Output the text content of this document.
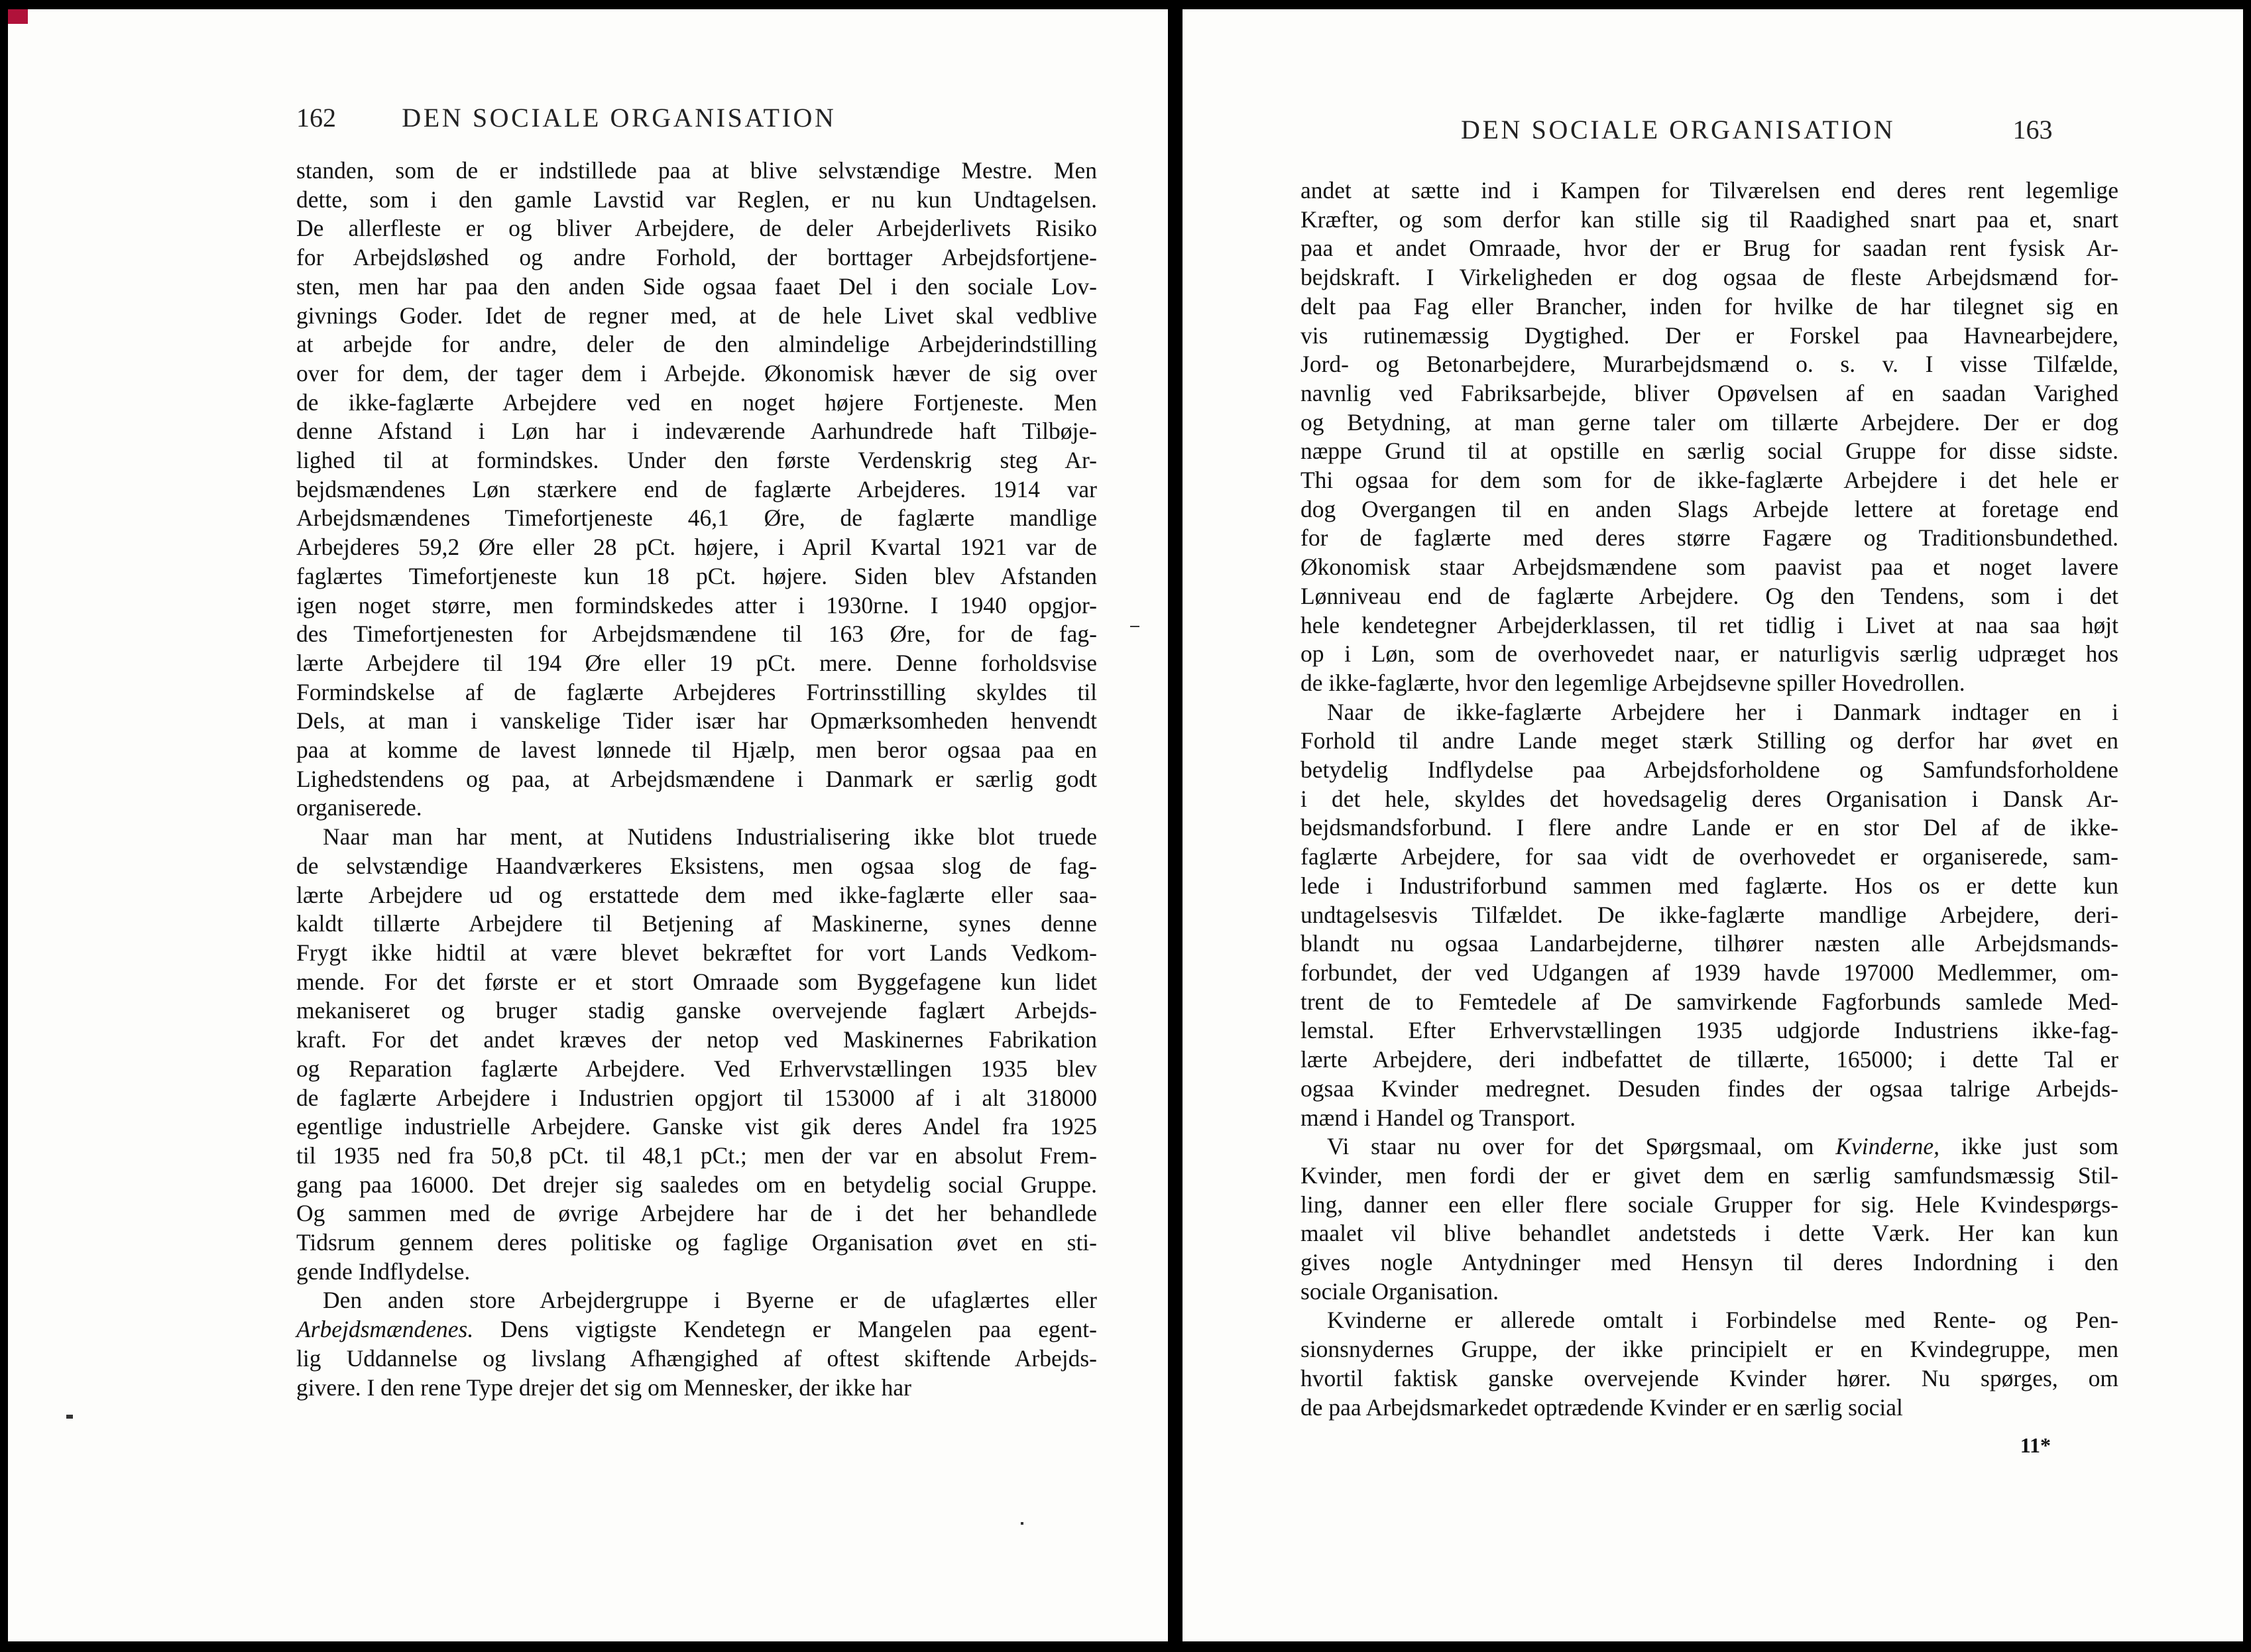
162 DEN SOCIALE ORGANISATION

standen, som de er indstillede paa at blive selvstændige Mestre. Men

dette, som i den gamle Lavstid var Reglen, er nu kun Undtagelsen.

De allerfleste er og bliver Arbejdere, de deler Arbejderlivets Risiko

for Arbejdsløshed og andre Forhold, der borttager Arbejdsfortjene-

sten, men har paa den anden Side ogsaa faaet Del i den sociale Lov-

givnings Goder. Idet de regner med, at de hele Livet skal vedblive

at arbejde for andre, deler de den almindelige Arbejderindstilling

over for dem, der tager dem i Arbejde. Økonomisk hæver de sig over

de ikke-faglærte Arbejdere ved en noget højere Fortjeneste. Men

denne Afstand i Løn har i indeværende Aarhundrede haft Tilbøje-

lighed til at formindskes. Under den første Verdenskrig steg Ar-

bejdsmændenes Løn stærkere end de faglærte Arbejderes. 1914 var

Arbejdsmændenes Timefortjeneste 46,1 Øre, de faglærte mandlige

Arbejderes 59,2 Øre eller 28 pCt. højere, i April Kvartal 1921 var de

faglærtes Timefortjeneste kun 18 pCt. højere. Siden blev Afstanden

igen noget større, men formindskedes atter i 1930rne. I 1940 opgjor-

des Timefortjenesten for Arbejdsmændene til 163 Øre, for de fag-

lærte Arbejdere til 194 Øre eller 19 pCt. mere. Denne forholdsvise

Formindskelse af de faglærte Arbejderes Fortrinsstilling skyldes til

Dels, at man i vanskelige Tider især har Opmærksomheden henvendt

paa at komme de lavest lønnede til Hjælp, men beror ogsaa paa en

Lighedstendens og paa, at Arbejdsmændene i Danmark er særlig godt

organiserede.

Naar man har ment, at Nutidens Industrialisering ikke blot truede

de selvstændige Haandværkeres Eksistens, men ogsaa slog de fag-

lærte Arbejdere ud og erstattede dem med ikke-faglærte eller saa-

kaldt tillærte Arbejdere til Betjening af Maskinerne, synes denne

Frygt ikke hidtil at være blevet bekræftet for vort Lands Vedkom-

mende. For det første er et stort Omraade som Byggefagene kun lidet

mekaniseret og bruger stadig ganske overvejende faglært Arbejds-

kraft. For det andet kræves der netop ved Maskinernes Fabrikation

og Reparation faglærte Arbejdere. Ved Erhvervstællingen 1935 blev

de faglærte Arbejdere i Industrien opgjort til 153000 af i alt 318000

egentlige industrielle Arbejdere. Ganske vist gik deres Andel fra 1925

til 1935 ned fra 50,8 pCt. til 48,1 pCt.; men der var en absolut Frem-

gang paa 16000. Det drejer sig saaledes om en betydelig social Gruppe.

Og sammen med de øvrige Arbejdere har de i det her behandlede

Tidsrum gennem deres politiske og faglige Organisation øvet en sti-

gende Indflydelse.

Den anden store Arbejdergruppe i Byerne er de ufaglærtes eller

Arbejdsmændenes. Dens vigtigste Kendetegn er Mangelen paa egent-

lig Uddannelse og livslang Afhængighed af oftest skiftende Arbejds-

givere. I den rene Type drejer det sig om Mennesker, der ikke har

DEN SOCIALE ORGANISATION	163

andet at sætte ind i Kampen for Tilværelsen end deres rent legemlige

Kræfter, og som derfor kan stille sig til Raadighed snart paa et, snart

paa et andet Omraade, hvor der er Brug for saadan rent fysisk Ar-

bejdskraft. I Virkeligheden er dog ogsaa de fleste Arbejdsmænd for-

delt paa Fag eller Brancher, inden for hvilke de har tilegnet sig en

vis rutinemæssig Dygtighed. Der er Forskel paa Havnearbejdere,

Jord- og Betonarbejdere, Murarbejdsmænd o. s. v. I visse Tilfælde,

navnlig ved Fabriksarbejde, bliver Opøvelsen af en saadan Varighed

og Betydning, at man gerne taler om tillærte Arbejdere. Der er dog

næppe Grund til at opstille en særlig social Gruppe for disse sidste.

Thi ogsaa for dem som for de ikke-faglærte Arbejdere i det hele er

dog Overgangen til en anden Slags Arbejde lettere at foretage end

for de faglærte med deres større Fagære og Traditionsbundethed.

Økonomisk staar Arbejdsmændene som paavist paa et noget lavere

Lønniveau end de faglærte Arbejdere. Og den Tendens, som i det

hele kendetegner Arbejderklassen, til ret tidlig i Livet at naa saa højt

op i Løn, som de overhovedet naar, er naturligvis særlig udpræget hos

de ikke-faglærte, hvor den legemlige Arbejdsevne spiller Hovedrollen.

Naar de ikke-faglærte Arbejdere her i Danmark indtager en i

Forhold til andre Lande meget stærk Stilling og derfor har øvet en

betydelig Indflydelse paa Arbejdsforholdene og Samfundsforholdene

i det hele, skyldes det hovedsagelig deres Organisation i Dansk Ar-

bejdsmandsforbund. I flere andre Lande er en stor Del af de ikke-

faglærte Arbejdere, for saa vidt de overhovedet er organiserede, sam-

lede i Industriforbund sammen med faglærte. Hos os er dette kun

undtagelsesvis Tilfældet. De ikke-faglærte mandlige Arbejdere, deri-

blandt nu ogsaa Landarbejderne, tilhører næsten alle Arbejdsmands-

forbundet, der ved Udgangen af 1939 havde 197000 Medlemmer, om-

trent de to Femtedele af De samvirkende Fagforbunds samlede Med-

lemstal. Efter Erhvervstællingen 1935 udgjorde Industriens ikke-fag-

lærte Arbejdere, deri indbefattet de tillærte, 165000; i dette Tal er

ogsaa Kvinder medregnet. Desuden findes der ogsaa talrige Arbejds-

mænd i Handel og Transport.

Vi staar nu over for det Spørgsmaal, om Kvinderne, ikke just som

Kvinder, men fordi der er givet dem en særlig samfundsmæssig Stil-

ling, danner een eller flere sociale Grupper for sig. Hele Kvindespørgs-

maalet vil blive behandlet andetsteds i dette Værk. Her kan kun

gives nogle Antydninger med Hensyn til deres Indordning i den

sociale Organisation.

Kvinderne er allerede omtalt i Forbindelse med Rente- og Pen-

sionsnydernes Gruppe, der ikke principielt er en Kvindegruppe, men

hvortil faktisk ganske overvejende Kvinder hører. Nu spørges, om

de paa Arbejdsmarkedet optrædende Kvinder er en særlig social

11*
